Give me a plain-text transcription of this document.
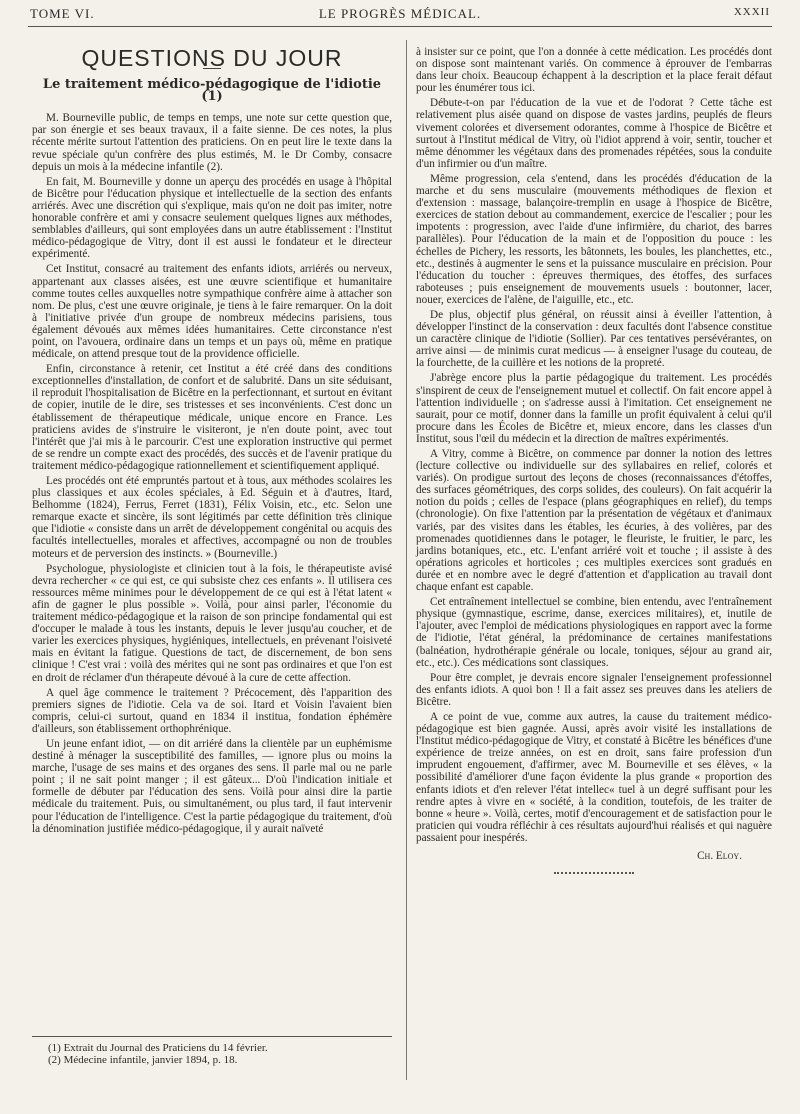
TOME VI.	LE PROGRÈS MÉDICAL.	XXXII
QUESTIONS DU JOUR
Le traitement médico-pédagogique de l'idiotie (1)

M. Bourneville public, de temps en temps, une note sur cette question que, par son énergie et ses beaux travaux, il a faite sienne. De ces notes, la plus récente mérite surtout l'attention des praticiens. On en peut lire le texte dans la revue spéciale qu'un confrère des plus estimés, M. le Dr Comby, consacre depuis un mois à la médecine infantile (2).

En fait, M. Bourneville y donne un aperçu des procédés en usage à l'hôpital de Bicêtre pour l'éducation physique et intellectuelle de la section des enfants arriérés. Avec une discrétion qui s'explique, mais qu'on ne doit pas imiter, notre honorable confrère et ami y consacre seulement quelques lignes aux méthodes, semblables d'ailleurs, qui sont employées dans un autre établissement : l'Institut médico-pédagogique de Vitry, dont il est aussi le fondateur et le directeur expérimenté.

Cet Institut, consacré au traitement des enfants idiots, arriérés ou nerveux, appartenant aux classes aisées, est une œuvre scientifique et humanitaire comme toutes celles auxquelles notre sympathique confrère aime à attacher son nom. De plus, c'est une œuvre originale, je tiens à le faire remarquer. On la doit à l'initiative privée d'un groupe de nombreux médecins parisiens, tous également dévoués aux mêmes idées humanitaires. Cette circonstance n'est point, on l'avouera, ordinaire dans un temps et un pays où, même en pratique médicale, on attend presque tout de la providence officielle.

Enfin, circonstance à retenir, cet Institut a été créé dans des conditions exceptionnelles d'installation, de confort et de salubrité. Dans un site séduisant, il reproduit l'hospitalisation de Bicêtre en la perfectionnant, et surtout en évitant de copier, inutile de le dire, ses tristesses et ses inconvénients. C'est donc un établissement de thérapeutique médicale, unique encore en France. Les praticiens avides de s'instruire le visiteront, je n'en doute point, avec tout l'intérêt que j'ai mis à le parcourir. C'est une exploration instructive qui permet de se rendre un compte exact des procédés, des succès et de l'avenir pratique du traitement médico-pédagogique rationnellement et scientifiquement appliqué.

Les procédés ont été empruntés partout et à tous, aux méthodes scolaires les plus classiques et aux écoles spéciales, à Ed. Séguin et à d'autres, Itard, Belhomme (1824), Ferrus, Ferret (1831), Félix Voisin, etc., etc. Selon une remarque exacte et sincère, ils sont légitimés par cette définition très clinique que l'idiotie « consiste dans un arrêt de développement congénital ou acquis des facultés intellectuelles, morales et affectives, accompagné ou non de troubles moteurs et de perversion des instincts. » (Bourneville.)

Psychologue, physiologiste et clinicien tout à la fois, le thérapeutiste avisé devra rechercher « ce qui est, ce qui subsiste chez ces enfants ». Il utilisera ces ressources même minimes pour le développement de ce qui est à l'état latent « afin de gagner le plus possible ». Voilà, pour ainsi parler, l'économie du traitement médico-pédagogique et la raison de son principe fondamental qui est d'occuper le malade à tous les instants, depuis le lever jusqu'au coucher, et de varier les exercices physiques, hygiéniques, intellectuels, en prévenant l'oisiveté mais en évitant la fatigue. Questions de tact, de discernement, de bon sens clinique ! C'est vrai : voilà des mérites qui ne sont pas ordinaires et que l'on est en droit de réclamer d'un thérapeute dévoué à la cure de cette affection.

A quel âge commence le traitement ? Précocement, dès l'apparition des premiers signes de l'idiotie. Cela va de soi. Itard et Voisin l'avaient bien compris, celui-ci surtout, quand en 1834 il institua, fondation éphémère d'ailleurs, son établissement orthophrénique.

Un jeune enfant idiot, — on dit arriéré dans la clientèle par un euphémisme destiné à ménager la susceptibilité des familles, — ignore plus ou moins la marche, l'usage de ses mains et des organes des sens. Il parle mal ou ne parle point ; il ne sait point manger ; il est gâteux... D'où l'indication initiale et formelle de débuter par l'éducation des sens. Voilà pour ainsi dire la partie médicale du traitement. Puis, ou simultanément, ou plus tard, il faut intervenir pour l'éducation de l'intelligence. C'est la partie pédagogique du traitement, d'où la dénomination justifiée médico-pédagogique, il y aurait naïveté

(1) Extrait du Journal des Praticiens du 14 février.
(2) Médecine infantile, janvier 1894, p. 18.

à insister sur ce point, que l'on a donnée à cette médication. Les procédés dont on dispose sont maintenant variés. On commence à éprouver de l'embarras dans leur choix. Beaucoup échappent à la description et la place ferait défaut pour les énumérer tous ici.

Débute-t-on par l'éducation de la vue et de l'odorat ? Cette tâche est relativement plus aisée quand on dispose de vastes jardins, peuplés de fleurs vivement colorées et diversement odorantes, comme à l'hospice de Bicêtre et surtout à l'Institut médical de Vitry, où l'idiot apprend à voir, sentir, toucher et même dénommer les végétaux dans des promenades répétées, sous la conduite d'un infirmier ou d'un maître.

Même progression, cela s'entend, dans les procédés d'éducation de la marche et du sens musculaire (mouvements méthodiques de flexion et d'extension : massage, balançoire-tremplin en usage à l'hospice de Bicêtre, exercices de station debout au commandement, exercice de l'escalier ; pour les impotents : progression, avec l'aide d'une infirmière, du chariot, des barres parallèles). Pour l'éducation de la main et de l'opposition du pouce : les échelles de Pichery, les ressorts, les bâtonnets, les boules, les planchettes, etc., etc., destinés à augmenter le sens et la puissance musculaire en précision. Pour l'éducation du toucher : épreuves thermiques, des étoffes, des surfaces raboteuses ; puis enseignement de mouvements usuels : boutonner, lacer, nouer, exercices de l'alène, de l'aiguille, etc., etc.

De plus, objectif plus général, on réussit ainsi à éveiller l'attention, à développer l'instinct de la conservation : deux facultés dont l'absence constitue un caractère clinique de l'idiotie (Sollier). Par ces tentatives persévérantes, on arrive ainsi — de minimis curat medicus — à enseigner l'usage du couteau, de la fourchette, de la cuillère et les notions de la propreté.

J'abrège encore plus la partie pédagogique du traitement. Les procédés s'inspirent de ceux de l'enseignement mutuel et collectif. On fait encore appel à l'attention individuelle ; on s'adresse aussi à l'imitation. Cet enseignement ne saurait, pour ce motif, donner dans la famille un profit équivalent à celui qu'il procure dans les Écoles de Bicêtre et, mieux encore, dans les classes d'un Institut, sous l'œil du médecin et la direction de maîtres expérimentés.

A Vitry, comme à Bicêtre, on commence par donner la notion des lettres (lecture collective ou individuelle sur des syllabaires en relief, colorés et variés). On prodigue surtout des leçons de choses (reconnaissances d'étoffes, des surfaces géométriques, des corps solides, des couleurs). On fait acquérir la notion du poids ; celles de l'espace (plans géographiques en relief), du temps (chronologie). On fixe l'attention par la présentation de végétaux et d'animaux variés, par des visites dans les étables, les écuries, à des volières, par des promenades quotidiennes dans le potager, le fleuriste, le fruitier, le parc, les jardins botaniques, etc., etc. L'enfant arriéré voit et touche ; il assiste à des opérations agricoles et horticoles ; ces multiples exercices sont gradués en durée et en nombre avec le degré d'attention et d'application au travail dont chaque enfant est capable.

Cet entraînement intellectuel se combine, bien entendu, avec l'entraînement physique (gymnastique, escrime, danse, exercices militaires), et, inutile de l'ajouter, avec l'emploi de médications physiologiques en rapport avec la forme de l'idiotie, l'état général, la prédominance de certaines manifestations (balnéation, hydrothérapie générale ou locale, toniques, séjour au grand air, etc., etc.). Ces médications sont classiques.

Pour être complet, je devrais encore signaler l'enseignement professionnel des enfants idiots. A quoi bon ! Il a fait assez ses preuves dans les ateliers de Bicêtre.

A ce point de vue, comme aux autres, la cause du traitement médico-pédagogique est bien gagnée. Aussi, après avoir visité les installations de l'Institut médico-pédagogique de Vitry, et constaté à Bicêtre les bénéfices d'une expérience de treize années, on est en droit, sans faire profession d'un imprudent engouement, d'affirmer, avec M. Bourneville et ses élèves, « la possibilité d'améliorer d'une façon évidente la plus grande « proportion des enfants idiots et d'en relever l'état intellec« tuel à un degré suffisant pour les rendre aptes à vivre en « société, à la condition, toutefois, de les traiter de bonne « heure ». Voilà, certes, motif d'encouragement et de satisfaction pour le praticien qui voudra réfléchir à ces résultats aujourd'hui réalisés et qui naguère passaient pour inespérés.

Ch. Eloy.
